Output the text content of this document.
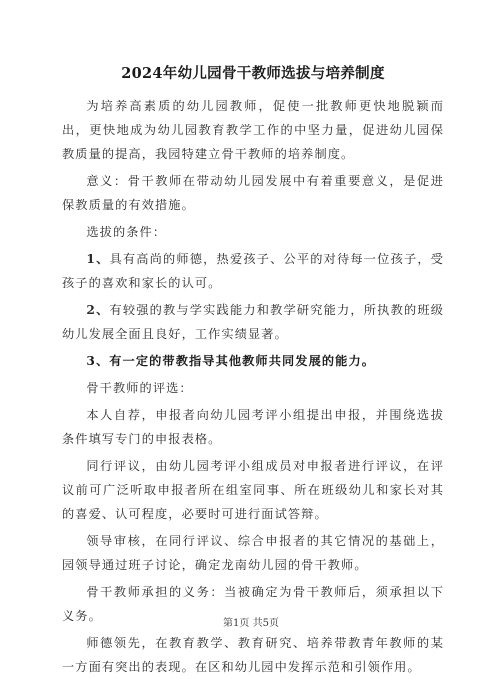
2024年幼儿园骨干教师选拔与培养制度

为培养高素质的幼儿园教师，促使一批教师更快地脱颖而出，更快地成为幼儿园教育教学工作的中坚力量，促进幼儿园保教质量的提高，我园特建立骨干教师的培养制度。

意义：骨干教师在带动幼儿园发展中有着重要意义，是促进保教质量的有效措施。

选拔的条件：

1、具有高尚的师德，热爱孩子、公平的对待每一位孩子，受孩子的喜欢和家长的认可。

2、有较强的教与学实践能力和教学研究能力，所执教的班级幼儿发展全面且良好，工作实绩显著。

3、有一定的带教指导其他教师共同发展的能力。

骨干教师的评选：

本人自荐，申报者向幼儿园考评小组提出申报，并围绕选拔条件填写专门的申报表格。

同行评议，由幼儿园考评小组成员对申报者进行评议，在评议前可广泛听取申报者所在组室同事、所在班级幼儿和家长对其的喜爱、认可程度，必要时可进行面试答辩。

领导审核，在同行评议、综合申报者的其它情况的基础上，园领导通过班子讨论，确定龙南幼儿园的骨干教师。

骨干教师承担的义务：当被确定为骨干教师后，须承担以下义务。

师德领先，在教育教学、教育研究、培养带教青年教师的某一方面有突出的表现。在区和幼儿园中发挥示范和引领作用。

第1页 共5页
